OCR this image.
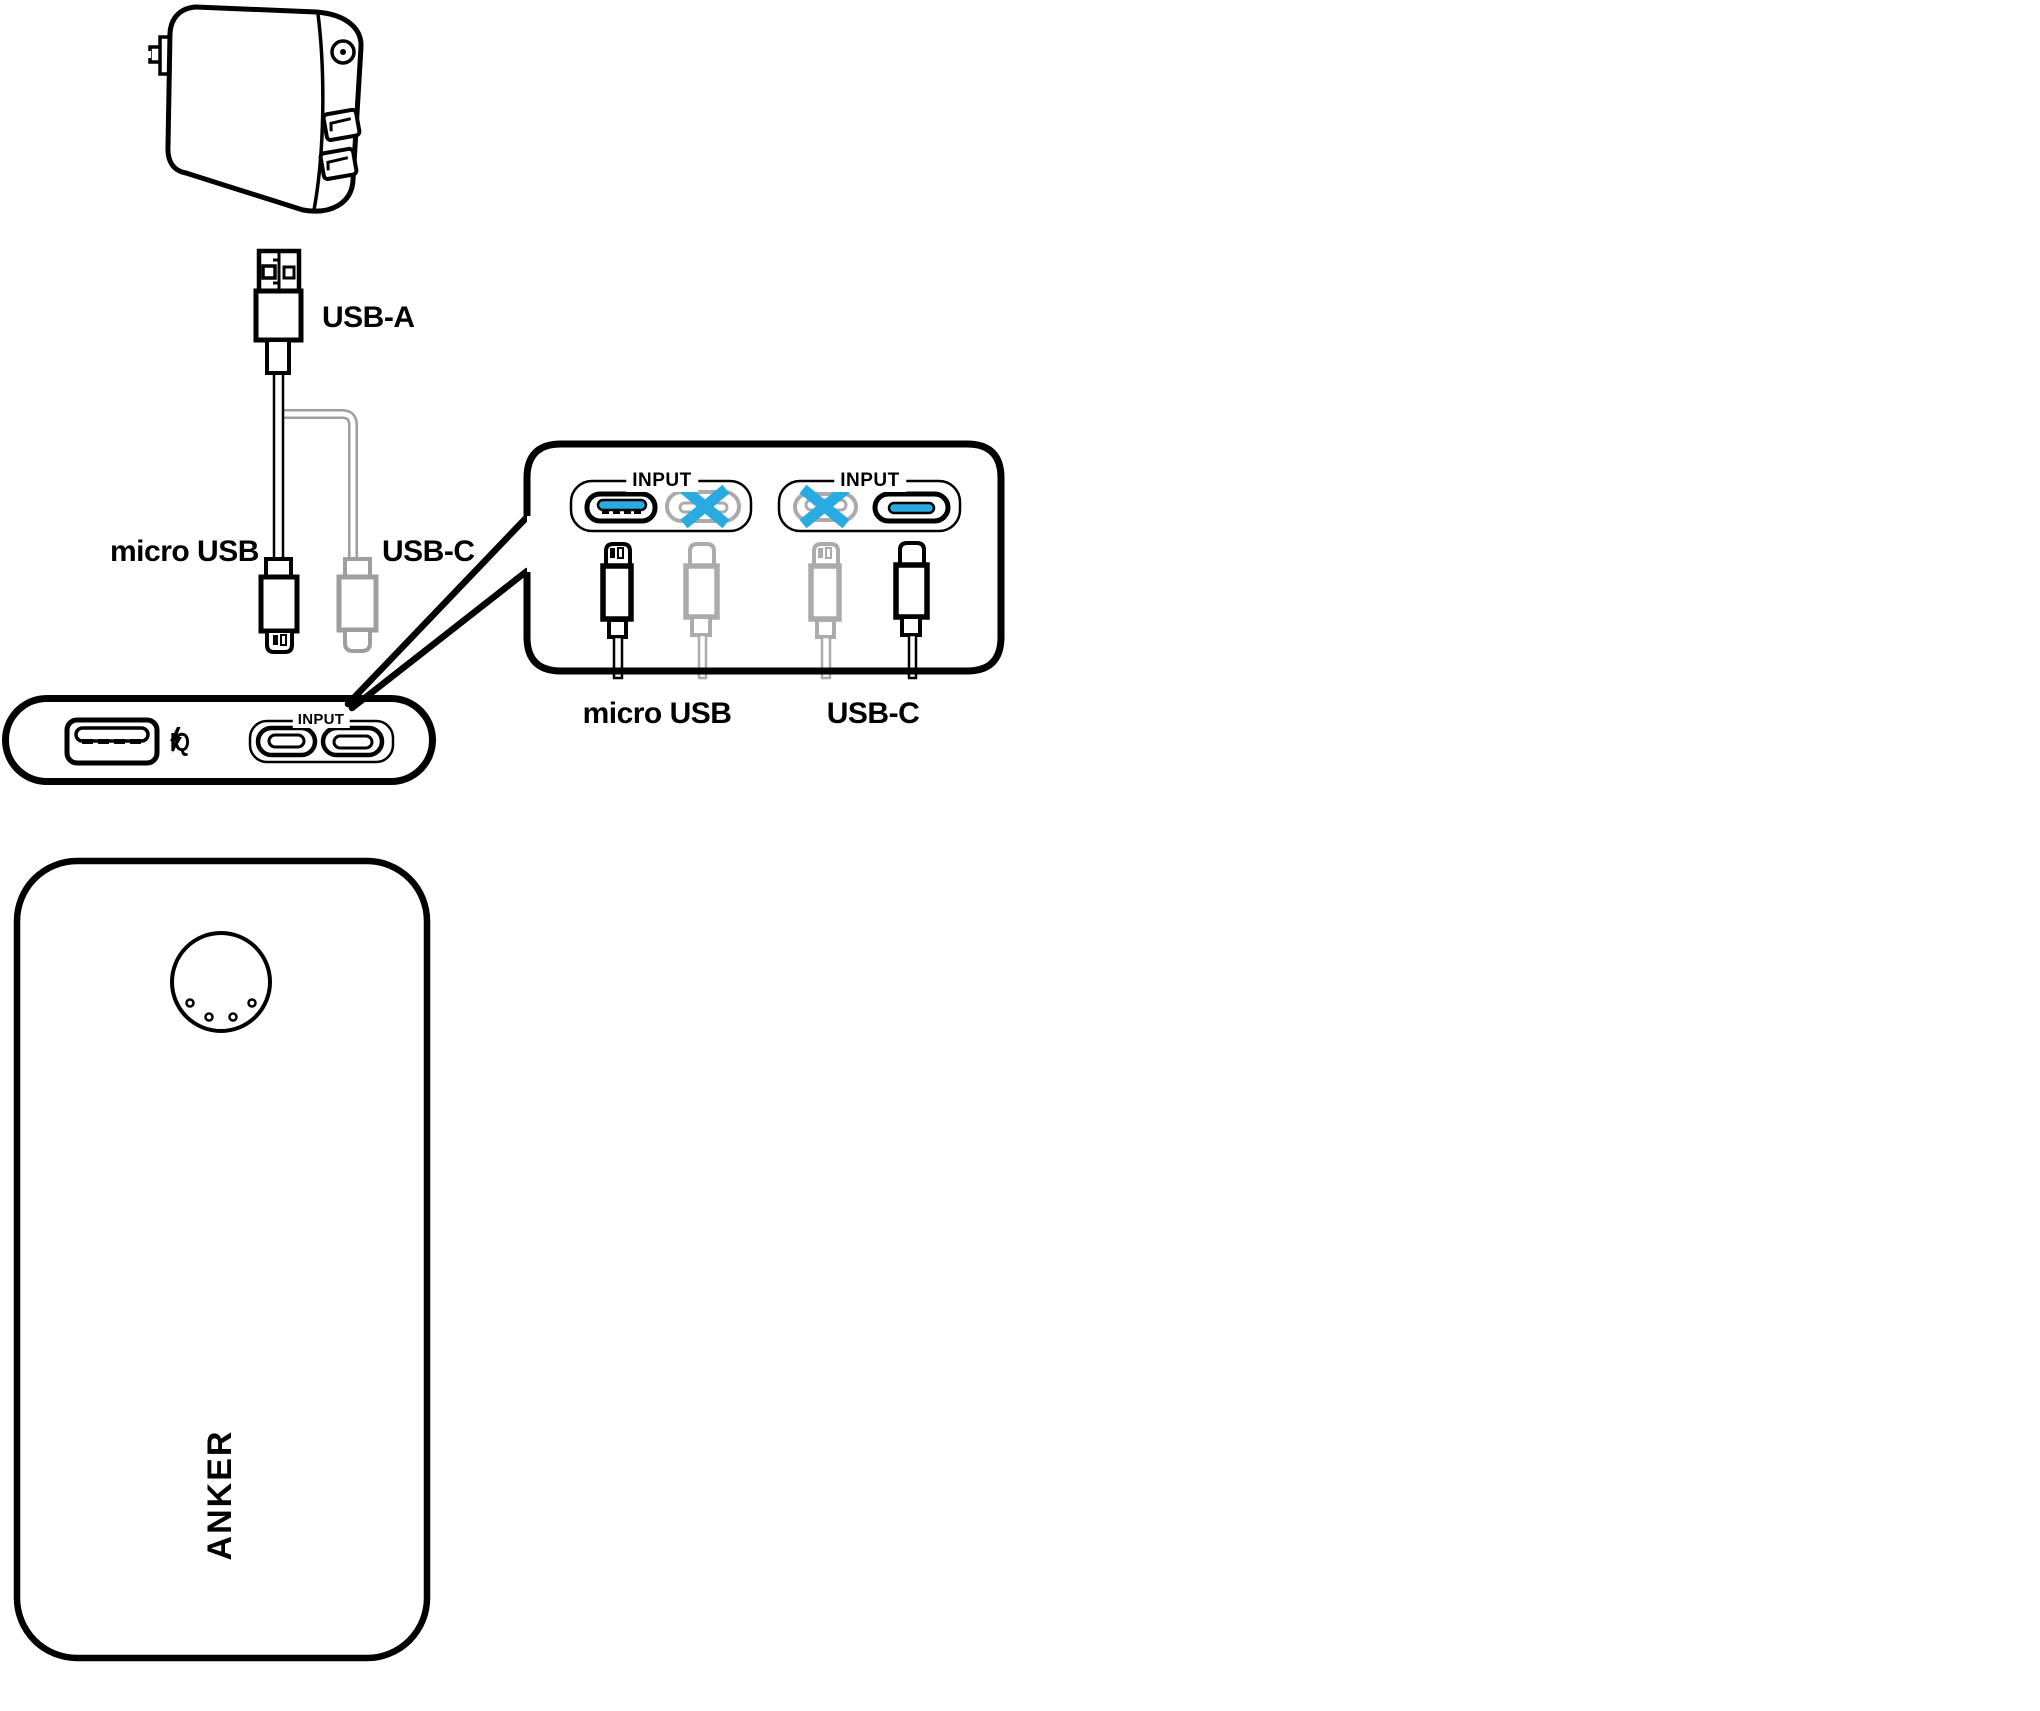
USB-A
micro USB	USB-C
INPUT
IQ
INPUT	INPUT
micro USB	USB-C
ANKER
